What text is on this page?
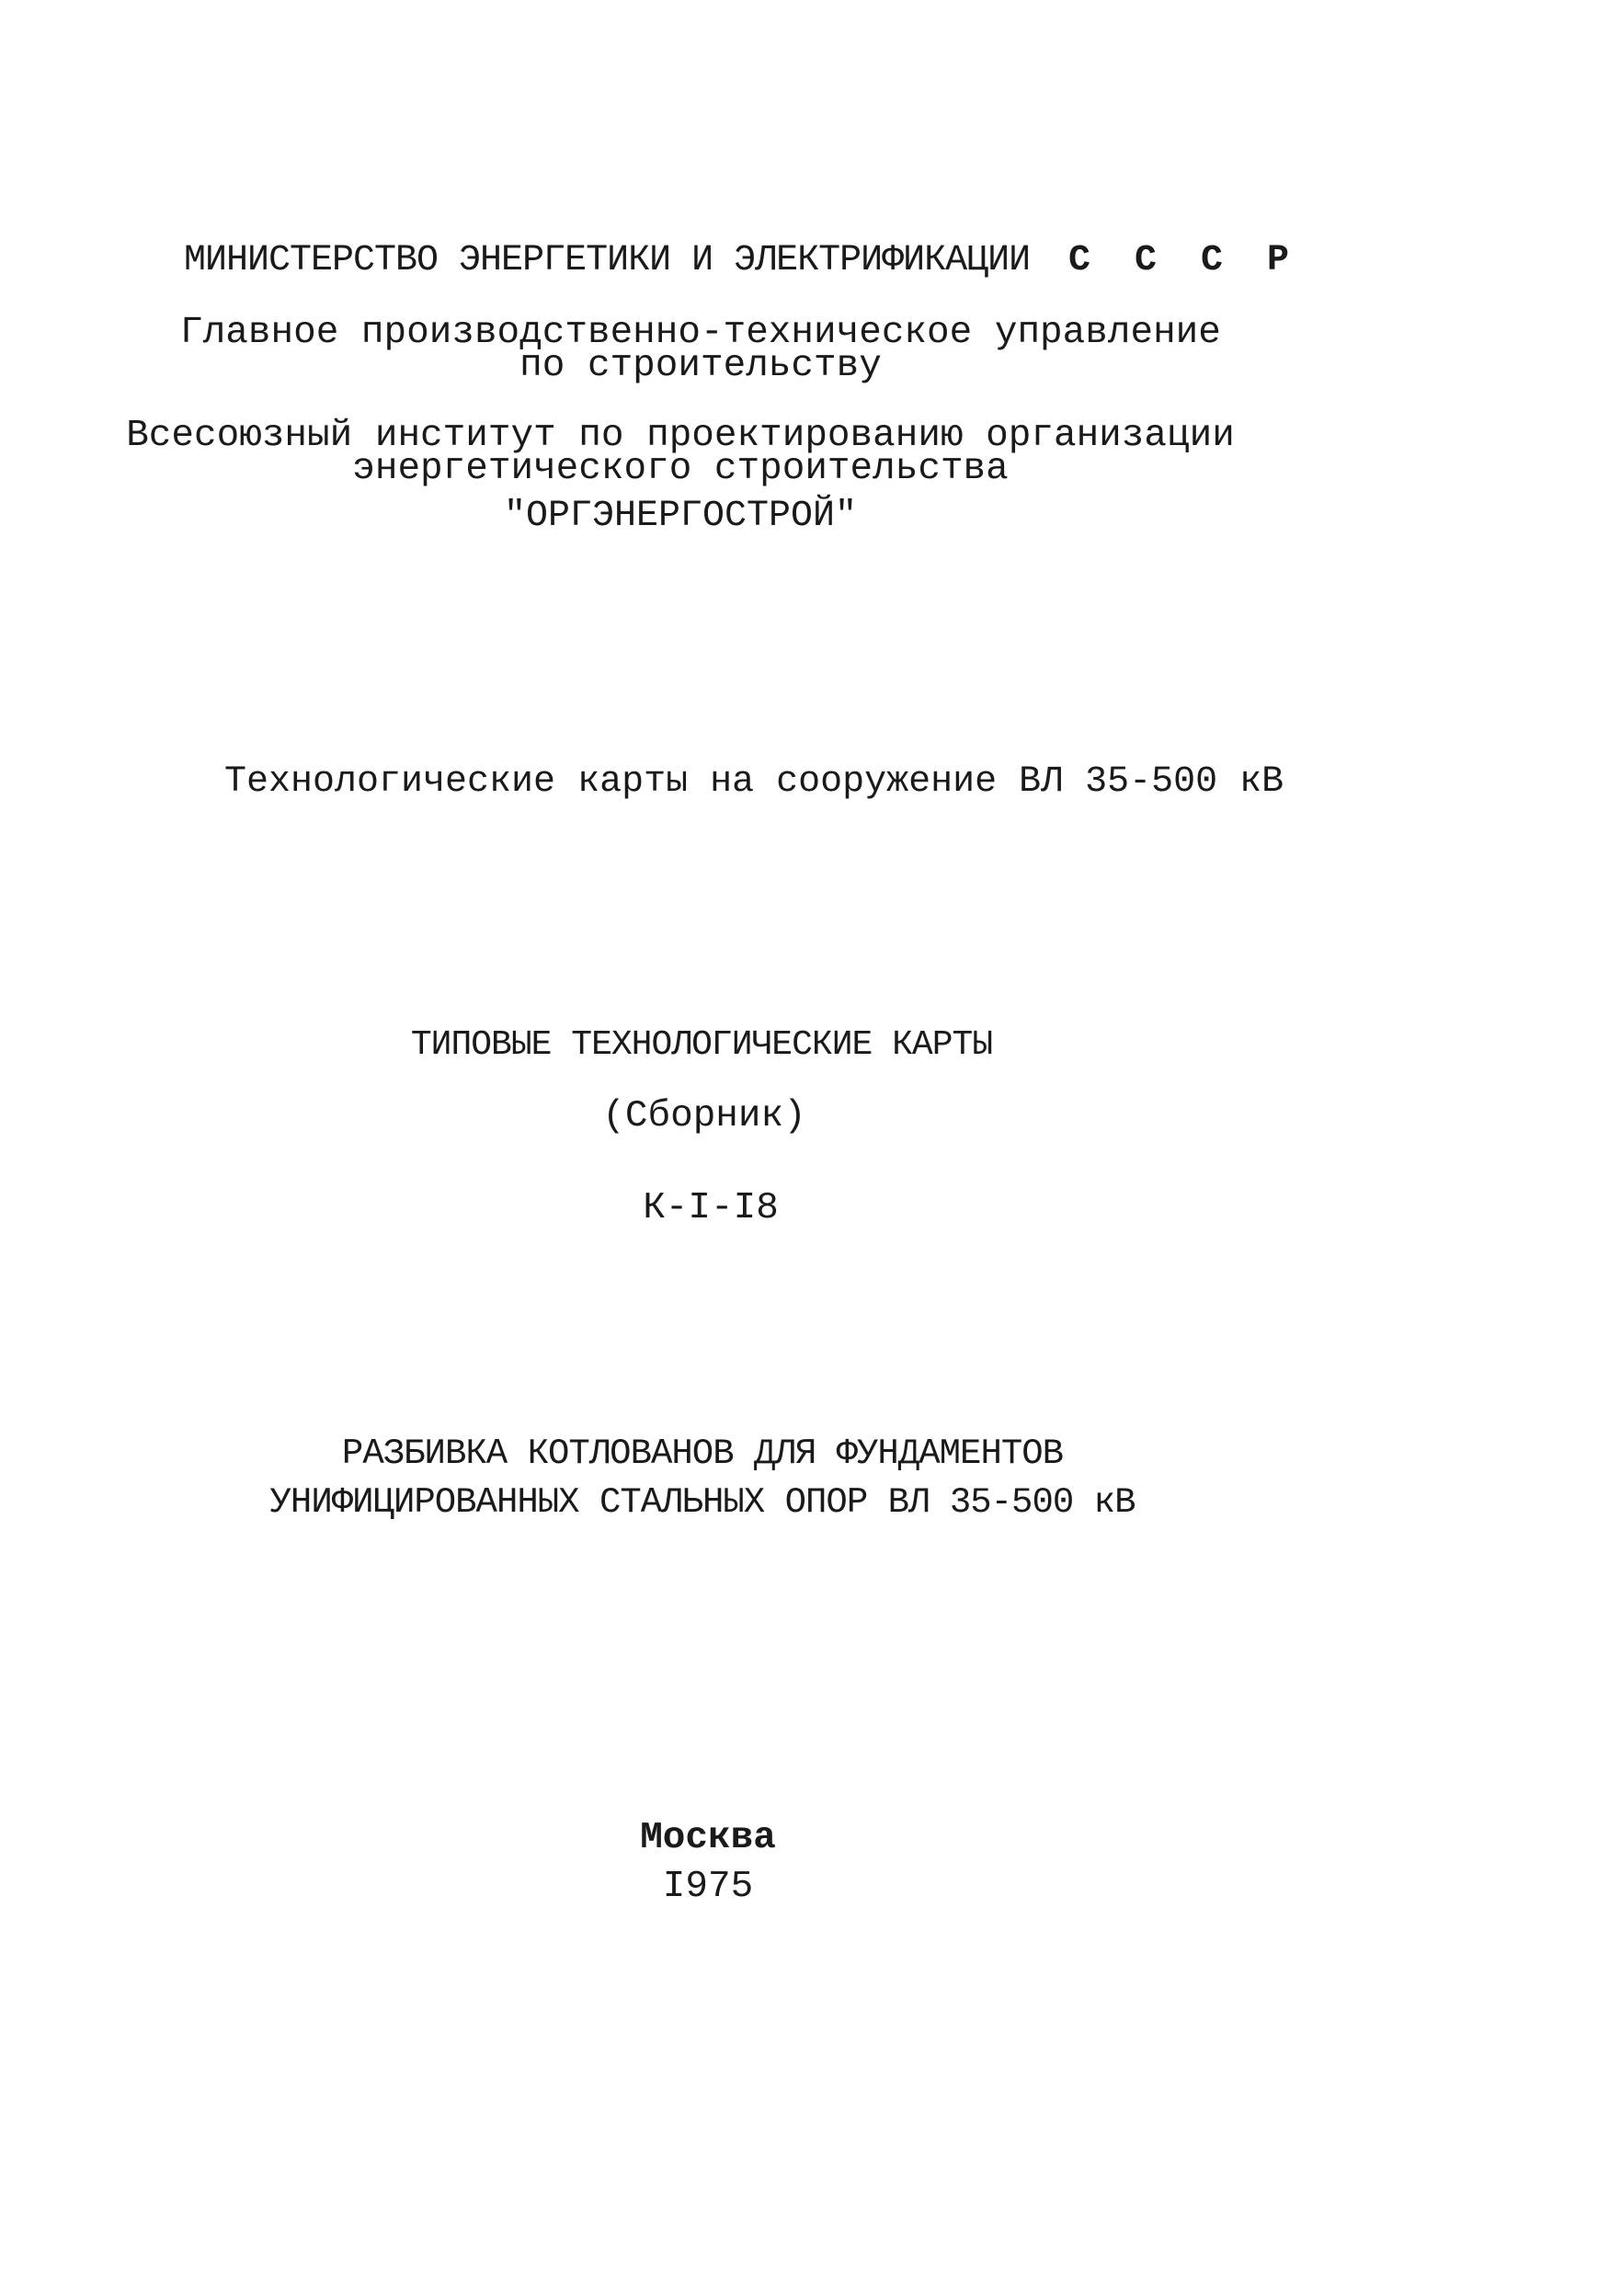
МИНИСТЕРСТВО ЭНЕРГЕТИКИ И ЭЛЕКТРИФИКАЦИИ С С С Р
Главное производственно-техническое управление
по строительству
Всесоюзный институт по проектированию организации
энергетического строительства
"ОРГЭНЕРГОСТРОЙ"
Технологические карты на сооружение ВЛ 35-500 кВ
ТИПОВЫЕ ТЕХНОЛОГИЧЕСКИЕ КАРТЫ
(Сборник)
К-I-I8
РАЗБИВКА КОТЛОВАНОВ ДЛЯ ФУНДАМЕНТОВ
УНИФИЦИРОВАННЫХ СТАЛЬНЫХ ОПОР ВЛ 35-500 кВ
Москва
I975
